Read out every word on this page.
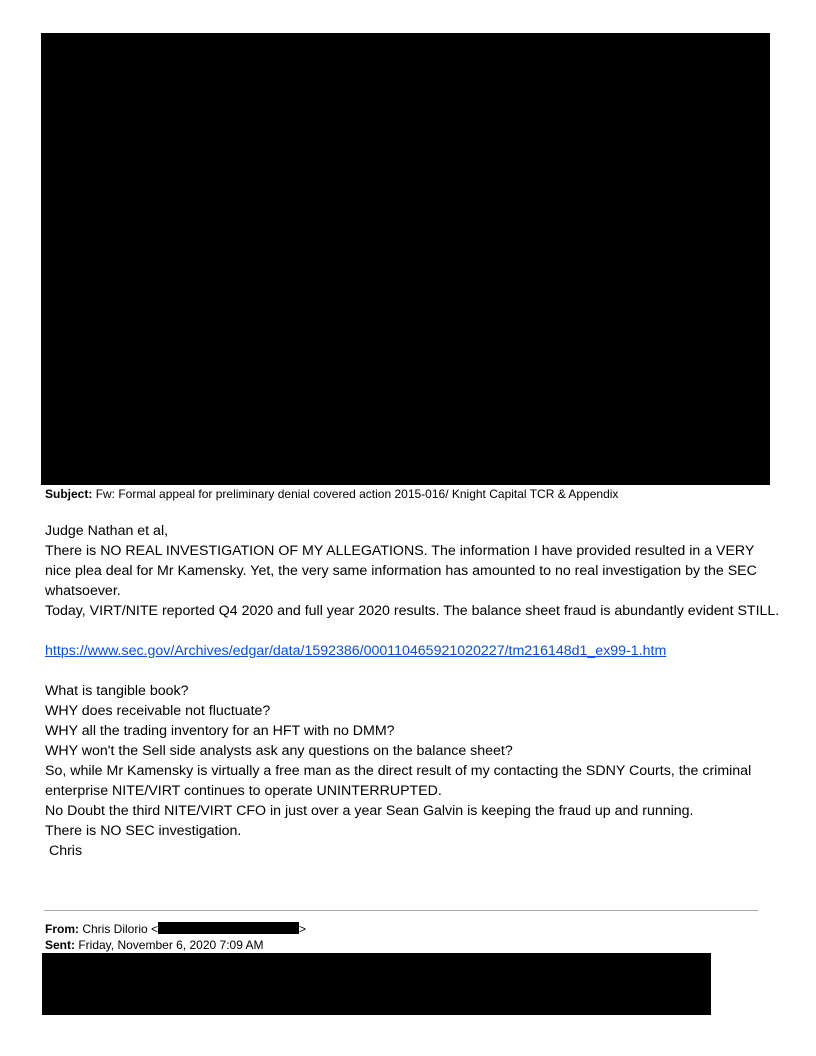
Subject: Fw: Formal appeal for preliminary denial covered action 2015-016/ Knight Capital TCR & Appendix

Judge Nathan et al,

There is NO REAL INVESTIGATION OF MY ALLEGATIONS. The information I have provided resulted in a VERY nice plea deal for Mr Kamensky. Yet, the very same information has amounted to no real investigation by the SEC whatsoever.

Today, VIRT/NITE reported Q4 2020 and full year 2020 results. The balance sheet fraud is abundantly evident STILL.

https://www.sec.gov/Archives/edgar/data/1592386/000110465921020227/tm216148d1_ex99-1.htm

What is tangible book?

WHY does receivable not fluctuate?

WHY all the trading inventory for an HFT with no DMM?

WHY won't the Sell side analysts ask any questions on the balance sheet?

So, while Mr Kamensky is virtually a free man as the direct result of my contacting the SDNY Courts, the criminal enterprise NITE/VIRT continues to operate UNINTERRUPTED.

No Doubt the third NITE/VIRT CFO in just over a year Sean Galvin is keeping the fraud up and running.

There is NO SEC investigation.

Chris

From: Chris Dilorio <	>
Sent: Friday, November 6, 2020 7:09 AM
